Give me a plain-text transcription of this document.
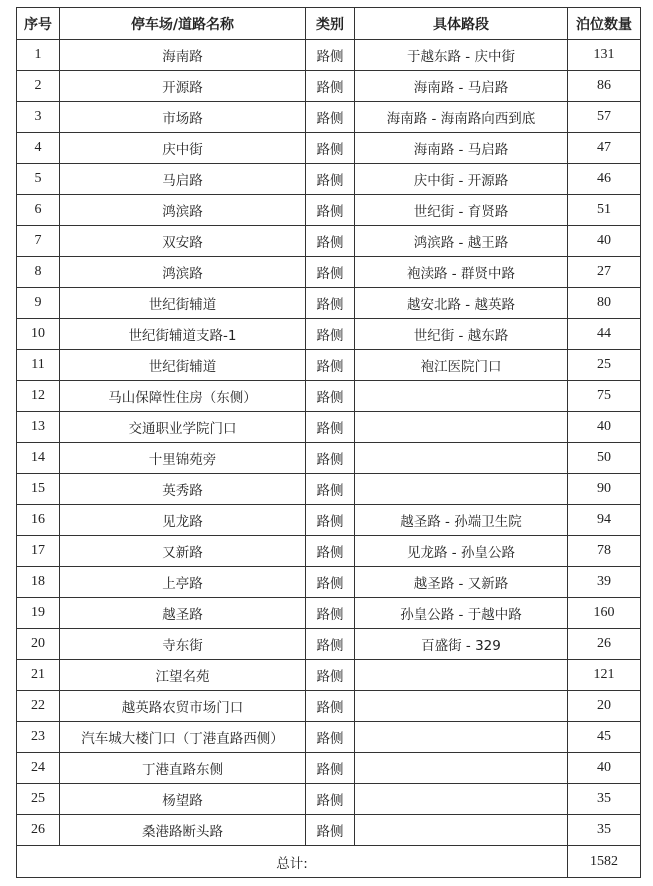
序号	停车场/道路名称	类别	具体路段	泊位数量
1	海南路	路侧	于越东路 - 庆中街	131
2	开源路	路侧	海南路 - 马启路	86
3	市场路	路侧	海南路 - 海南路向西到底	57
4	庆中街	路侧	海南路 - 马启路	47
5	马启路	路侧	庆中街 - 开源路	46
6	鸿滨路	路侧	世纪街 - 育贤路	51
7	双安路	路侧	鸿滨路 - 越王路	40
8	鸿滨路	路侧	袍渎路 - 群贤中路	27
9	世纪街辅道	路侧	越安北路 - 越英路	80
10	世纪街辅道支路-1	路侧	世纪街 - 越东路	44
11	世纪街辅道	路侧	袍江医院门口	25
12	马山保障性住房（东侧）	路侧		75
13	交通职业学院门口	路侧		40
14	十里锦苑旁	路侧		50
15	英秀路	路侧		90
16	见龙路	路侧	越圣路 - 孙端卫生院	94
17	又新路	路侧	见龙路 - 孙皇公路	78
18	上亭路	路侧	越圣路 - 又新路	39
19	越圣路	路侧	孙皇公路 - 于越中路	160
20	寺东街	路侧	百盛街 - 329	26
21	江望名苑	路侧		121
22	越英路农贸市场门口	路侧		20
23	汽车城大楼门口（丁港直路西侧）	路侧		45
24	丁港直路东侧	路侧		40
25	杨望路	路侧		35
26	桑港路断头路	路侧		35
总计:				1582
